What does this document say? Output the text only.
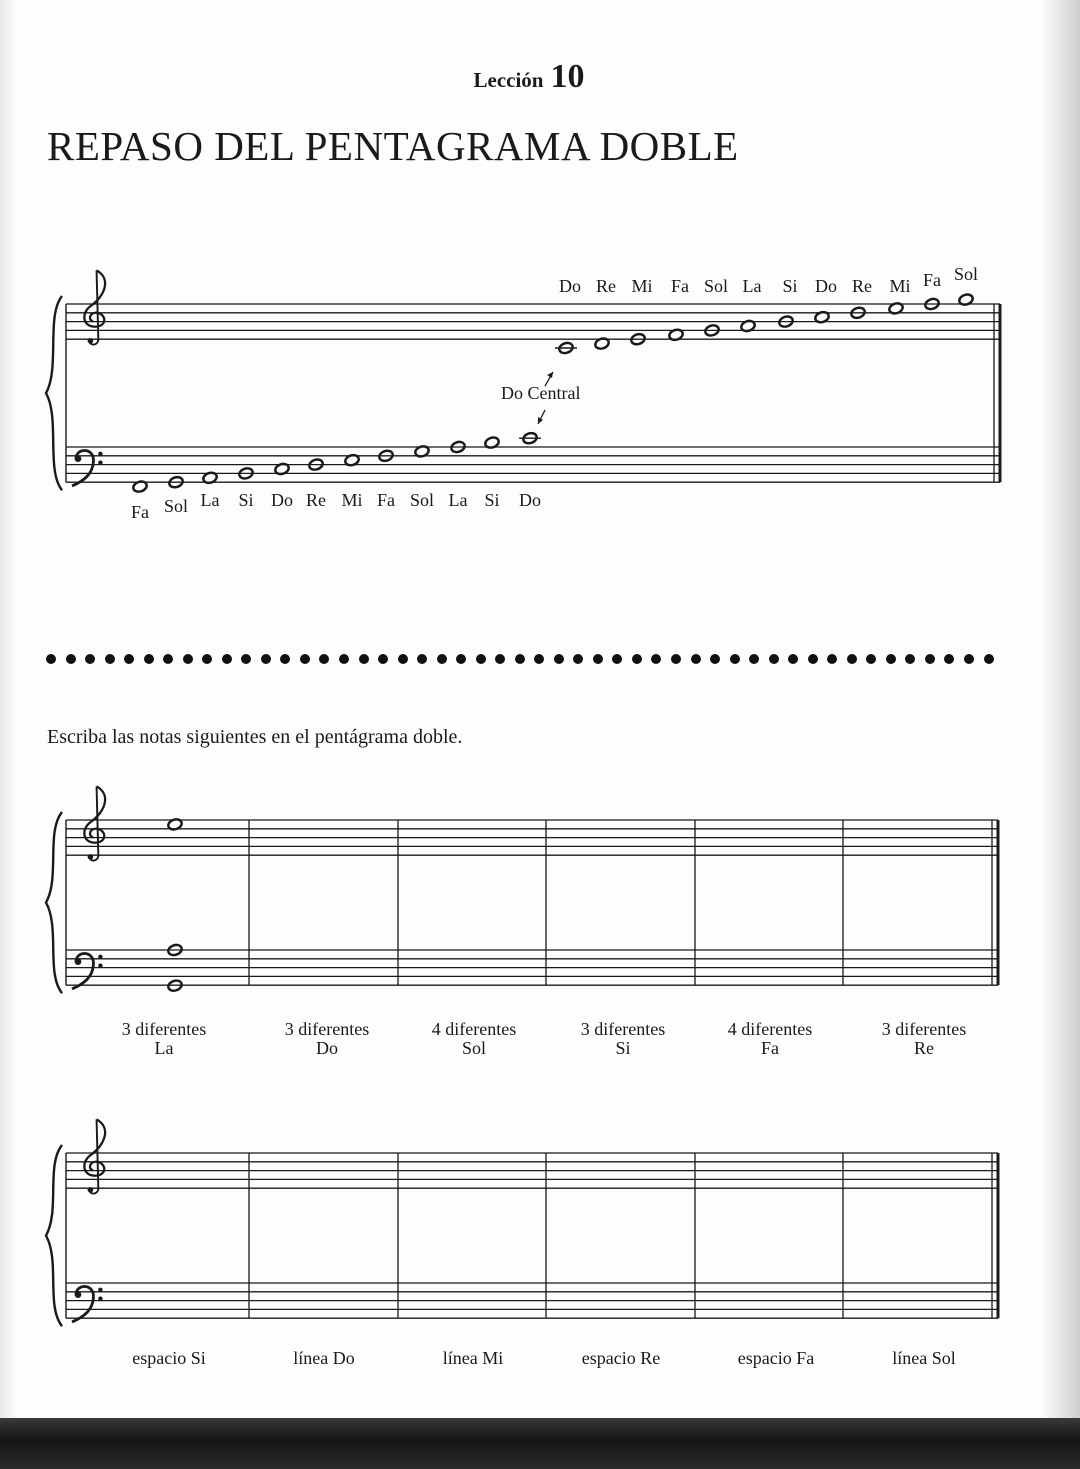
Lección 10
REPASO DEL PENTAGRAMA DOBLE
Fa Sol La Si Do Re Mi Fa Sol La Si Do
Do Re Mi Fa Sol La Si Do Re Mi Fa Sol
3 diferentes
La
3 diferentes
Do
4 diferentes
Sol
3 diferentes
Si
4 diferentes
Fa
3 diferentes
Re
espacio Si	línea Do	línea Mi	espacio Re	espacio Fa	línea Sol
Do Central
Escriba las notas siguientes en el pentágrama doble.
